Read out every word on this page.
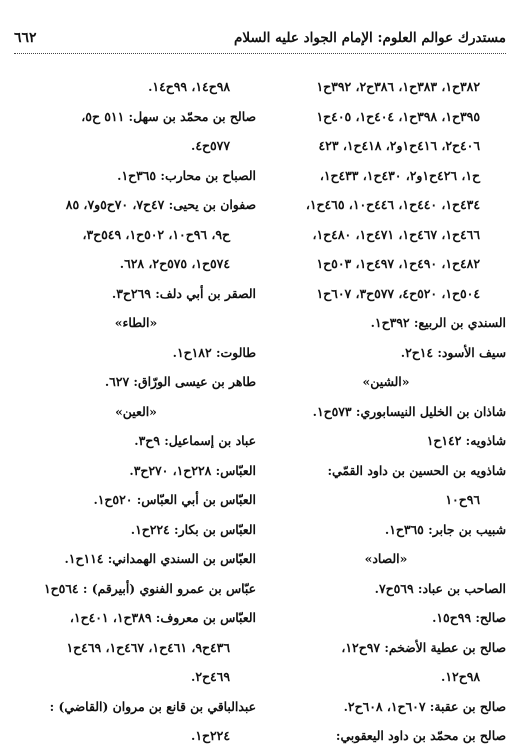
مستدرك عوالم العلوم: الإمام الجواد عليه السلام
٦٦٢
٣٨٢ح١، ٣٨٣ح١، ٣٨٦ح٢، ٣٩٢ح١
٣٩٥ح١، ٣٩٨ح١، ٤٠٤ح١، ٤٠٥ح١
٤٠٦ح٢، ٤١٦ح١و٢، ٤١٨ح١، ٤٢٣
ح١، ٤٢٦ح١و٢، ٤٣٠ح١، ٤٣٣ح١،
٤٣٤ح١، ٤٤٠ح١، ٤٤٦ح١٠، ٤٦٥ح١،
٤٦٦ح١، ٤٦٧ح١، ٤٧١ح١، ٤٨٠ح١،
٤٨٢ح١، ٤٩٠ح١، ٤٩٧ح١، ٥٠٣ح١
٥٠٤ح١، ٥٢٠ح٤، ٥٧٧ح٣، ٦٠٧ح١
السندي بن الربيع: ٣٩٢ح١.
سيف الأسود: ١٤ح٢.
«الشين»
شاذان بن الخليل النيسابوري: ٥٧٣ح١.
شاذويه: ١٤٢ح١
شاذويه بن الحسين بن داود القمّي:
٩٦ح١٠
شبيب بن جابر: ٣٦٥ح١.
«الصاد»
الصاحب بن عباد: ٥٦٩ح٧.
صالح: ٩٩ح١٥.
صالح بن عطية الأضخم: ٩٧ح١٢،
٩٨ح١٢.
صالح بن عقبة: ٦٠٧ح١، ٦٠٨ح٢.
صالح بن محمّد بن داود اليعقوبي:
٩٨ح١٤، ٩٩ح١٤.
صالح بن محمّد بن سهل: ٥١١ ح٥،
٥٧٧ح٤.
الصباح بن محارب: ٣٦٥ح١.
صفوان بن يحيى: ٤٧ح٧، ٧٠ح٥و٧، ٨٥
ح٩، ٩٦ح١٠، ٥٠٢ح١، ٥٤٩ح٣،
٥٧٤ح١، ٥٧٥ح٢، ٦٢٨.
الصقر بن أبي دلف: ٢٦٩ح٣.
«الطاء»
طالوت: ١٨٢ح١.
طاهر بن عيسى الورّاق: ٦٢٧.
«العين»
عباد بن إسماعيل: ٩ح٣.
العبّاس: ٢٢٨ح١، ٢٧٠ح٣.
العبّاس بن أبي العبّاس: ٥٢٠ح١.
العبّاس بن بكار: ٢٢٤ح١.
العبّاس بن السندي الهمداني: ١١٤ح١.
عبّاس بن عمرو الفنوي (أبيرقم) : ٥٦٤ح١
العبّاس بن معروف: ٣٨٩ح١، ٤٠١ح١،
٤٣٦ح٩، ٤٦١ح١، ٤٦٧ح١، ٤٦٩ح١
٤٦٩ح٢.
عبدالباقي بن قانع بن مروان (القاضي) :
٢٢٤ح١.
